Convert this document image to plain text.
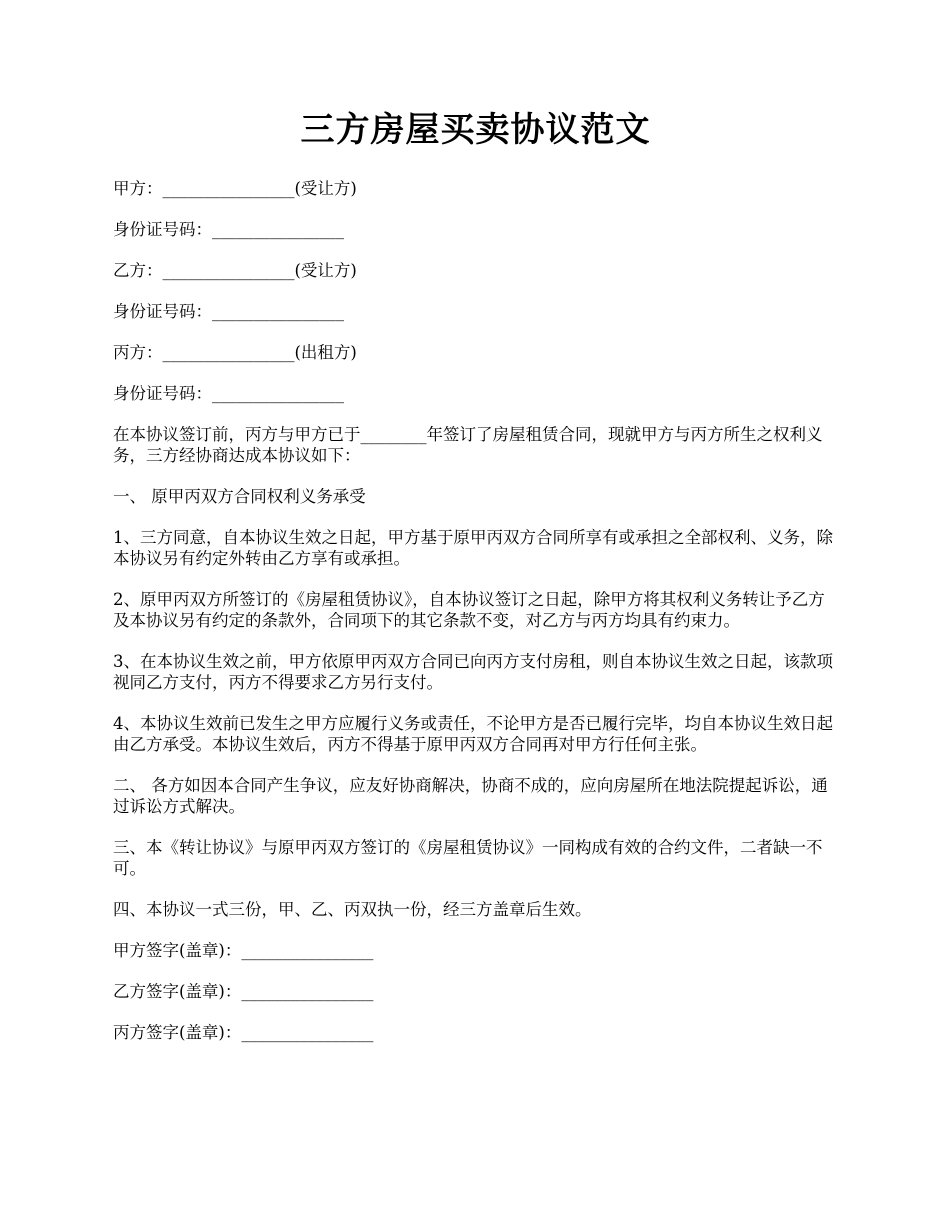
三方房屋买卖协议范文
甲方：________________(受让方)
身份证号码：________________
乙方：________________(受让方)
身份证号码：________________
丙方：________________(出租方)
身份证号码：________________

在本协议签订前，丙方与甲方已于________年签订了房屋租赁合同，现就甲方与丙方所生之权利义务，三方经协商达成本协议如下：

一、 原甲丙双方合同权利义务承受

1、三方同意，自本协议生效之日起，甲方基于原甲丙双方合同所享有或承担之全部权利、义务，除本协议另有约定外转由乙方享有或承担。

2、原甲丙双方所签订的《房屋租赁协议》，自本协议签订之日起，除甲方将其权利义务转让予乙方及本协议另有约定的条款外，合同项下的其它条款不变，对乙方与丙方均具有约束力。

3、在本协议生效之前，甲方依原甲丙双方合同已向丙方支付房租，则自本协议生效之日起，该款项视同乙方支付，丙方不得要求乙方另行支付。

4、本协议生效前已发生之甲方应履行义务或责任，不论甲方是否已履行完毕，均自本协议生效日起由乙方承受。本协议生效后，丙方不得基于原甲丙双方合同再对甲方行任何主张。

二、 各方如因本合同产生争议，应友好协商解决，协商不成的，应向房屋所在地法院提起诉讼，通过诉讼方式解决。

三、本《转让协议》与原甲丙双方签订的《房屋租赁协议》一同构成有效的合约文件，二者缺一不可。

四、本协议一式三份，甲、乙、丙双执一份，经三方盖章后生效。

甲方签字(盖章)：________________
乙方签字(盖章)：________________
丙方签字(盖章)：________________
